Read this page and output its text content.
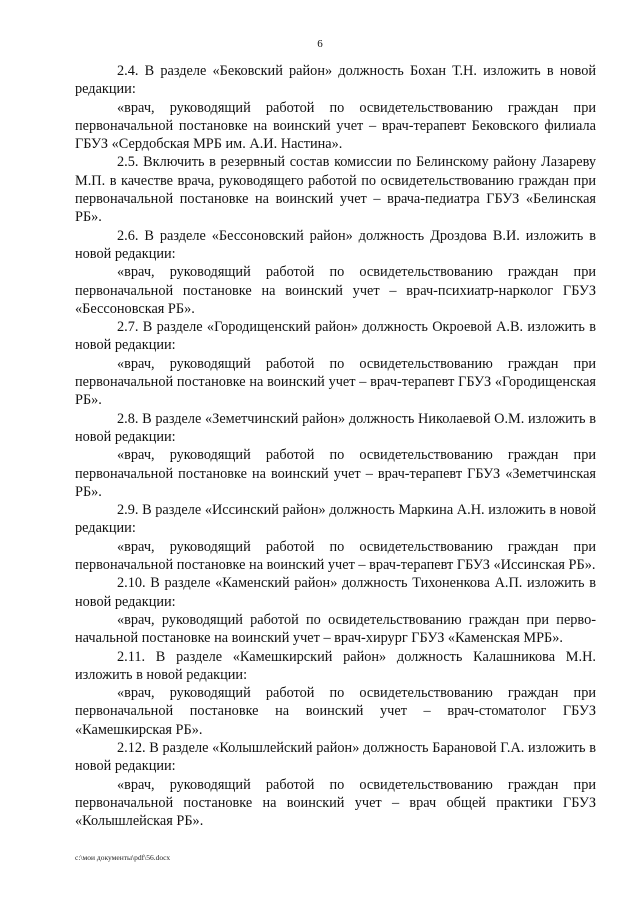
6

2.4. В разделе «Бековский район» должность Бохан Т.Н. изложить в новой редакции:

«врач, руководящий работой по освидетельствованию граждан при первоначальной постановке на воинский учет – врач-терапевт Бековского филиала ГБУЗ «Сердобская МРБ им. А.И. Настина».

2.5. Включить в резервный состав комиссии по Белинскому району Лазареву М.П. в качестве врача, руководящего работой по освидетельствованию граждан при первоначальной постановке на воинский учет – врача-педиатра ГБУЗ «Белинская РБ».

2.6. В разделе «Бессоновский район» должность Дроздова В.И. изложить в новой редакции:

«врач, руководящий работой по освидетельствованию граждан при первоначальной постановке на воинский учет – врач-психиатр-нарколог ГБУЗ «Бессоновская РБ».

2.7. В разделе «Городищенский район» должность Окроевой А.В. изложить в новой редакции:

«врач, руководящий работой по освидетельствованию граждан при первоначальной постановке на воинский учет – врач-терапевт ГБУЗ «Городищенская РБ».

2.8. В разделе «Земетчинский район» должность Николаевой О.М. изложить в новой редакции:

«врач, руководящий работой по освидетельствованию граждан при первоначальной постановке на воинский учет – врач-терапевт ГБУЗ «Земетчинская РБ».

2.9. В разделе «Иссинский район» должность Маркина А.Н. изложить в новой редакции:

«врач, руководящий работой по освидетельствованию граждан при первоначальной постановке на воинский учет – врач-терапевт ГБУЗ «Иссинская РБ».

2.10. В разделе «Каменский район» должность Тихоненкова А.П. изложить в новой редакции:

«врач, руководящий работой по освидетельствованию граждан при перво-начальной постановке на воинский учет – врач-хирург ГБУЗ «Каменская МРБ».

2.11. В разделе «Камешкирский район» должность Калашникова М.Н. изложить в новой редакции:

«врач, руководящий работой по освидетельствованию граждан при первоначальной постановке на воинский учет – врач-стоматолог ГБУЗ «Камешкирская РБ».

2.12. В разделе «Колышлейский район» должность Барановой Г.А. изложить в новой редакции:

«врач, руководящий работой по освидетельствованию граждан при первоначальной постановке на воинский учет – врач общей практики ГБУЗ «Колышлейская РБ».

c:\мои документы\pdf\56.docx
